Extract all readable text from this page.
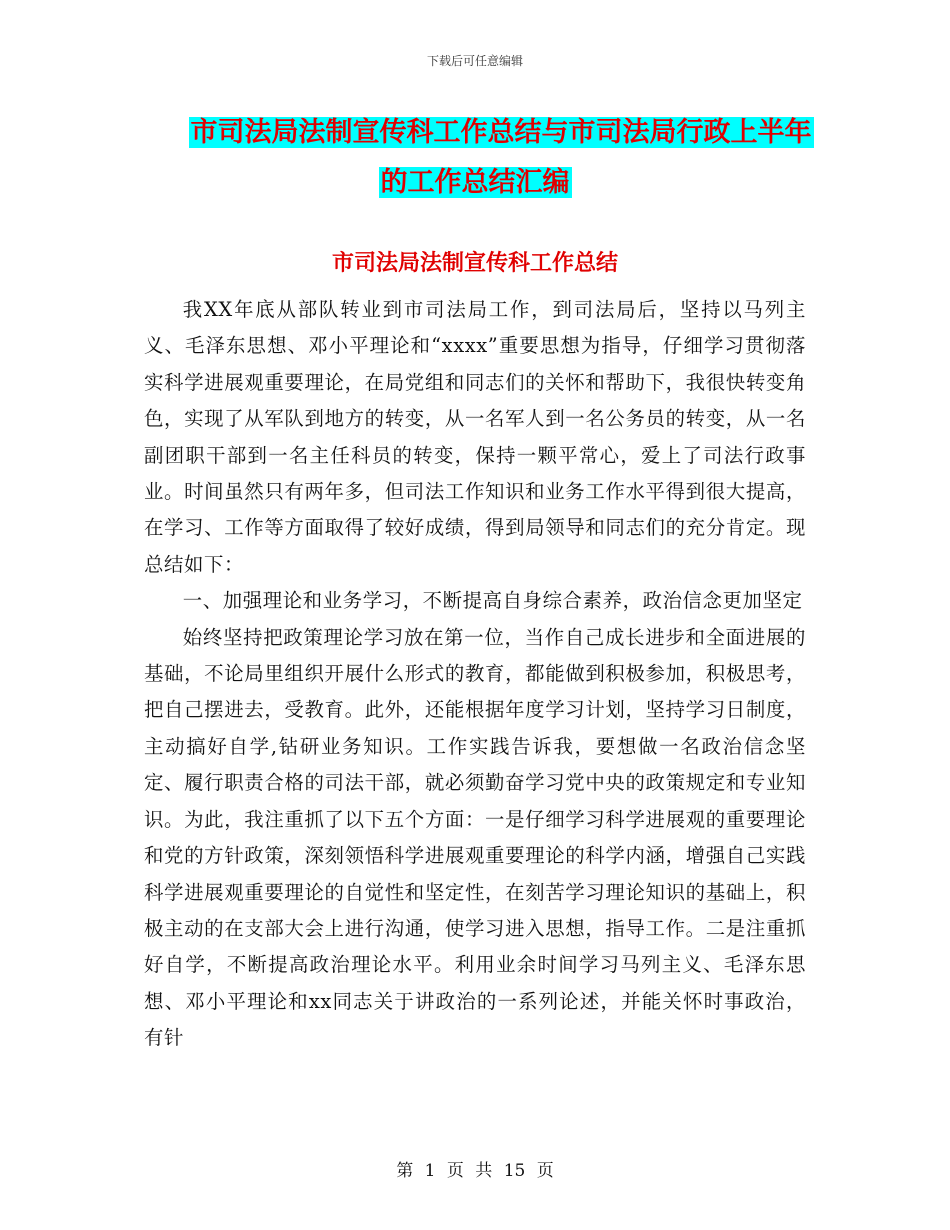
下载后可任意编辑
市司法局法制宣传科工作总结与市司法局行政上半年
的工作总结汇编
市司法局法制宣传科工作总结

我XX年底从部队转业到市司法局工作，到司法局后，坚持以马列主义、毛泽东思想、邓小平理论和“xxxx”重要思想为指导，仔细学习贯彻落实科学进展观重要理论，在局党组和同志们的关怀和帮助下，我很快转变角色，实现了从军队到地方的转变，从一名军人到一名公务员的转变，从一名副团职干部到一名主任科员的转变，保持一颗平常心，爱上了司法行政事业。时间虽然只有两年多，但司法工作知识和业务工作水平得到很大提高，在学习、工作等方面取得了较好成绩，得到局领导和同志们的充分肯定。现总结如下：

一、加强理论和业务学习，不断提高自身综合素养，政治信念更加坚定

始终坚持把政策理论学习放在第一位，当作自己成长进步和全面进展的基础，不论局里组织开展什么形式的教育，都能做到积极参加，积极思考，把自己摆进去，受教育。此外，还能根据年度学习计划，坚持学习日制度，主动搞好自学,钻研业务知识。工作实践告诉我，要想做一名政治信念坚定、履行职责合格的司法干部，就必须勤奋学习党中央的政策规定和专业知识。为此，我注重抓了以下五个方面：一是仔细学习科学进展观的重要理论和党的方针政策，深刻领悟科学进展观重要理论的科学内涵，增强自己实践科学进展观重要理论的自觉性和坚定性，在刻苦学习理论知识的基础上，积极主动的在支部大会上进行沟通，使学习进入思想，指导工作。二是注重抓好自学，不断提高政治理论水平。利用业余时间学习马列主义、毛泽东思想、邓小平理论和xx同志关于讲政治的一系列论述，并能关怀时事政治，有针

第 1 页 共 15 页
